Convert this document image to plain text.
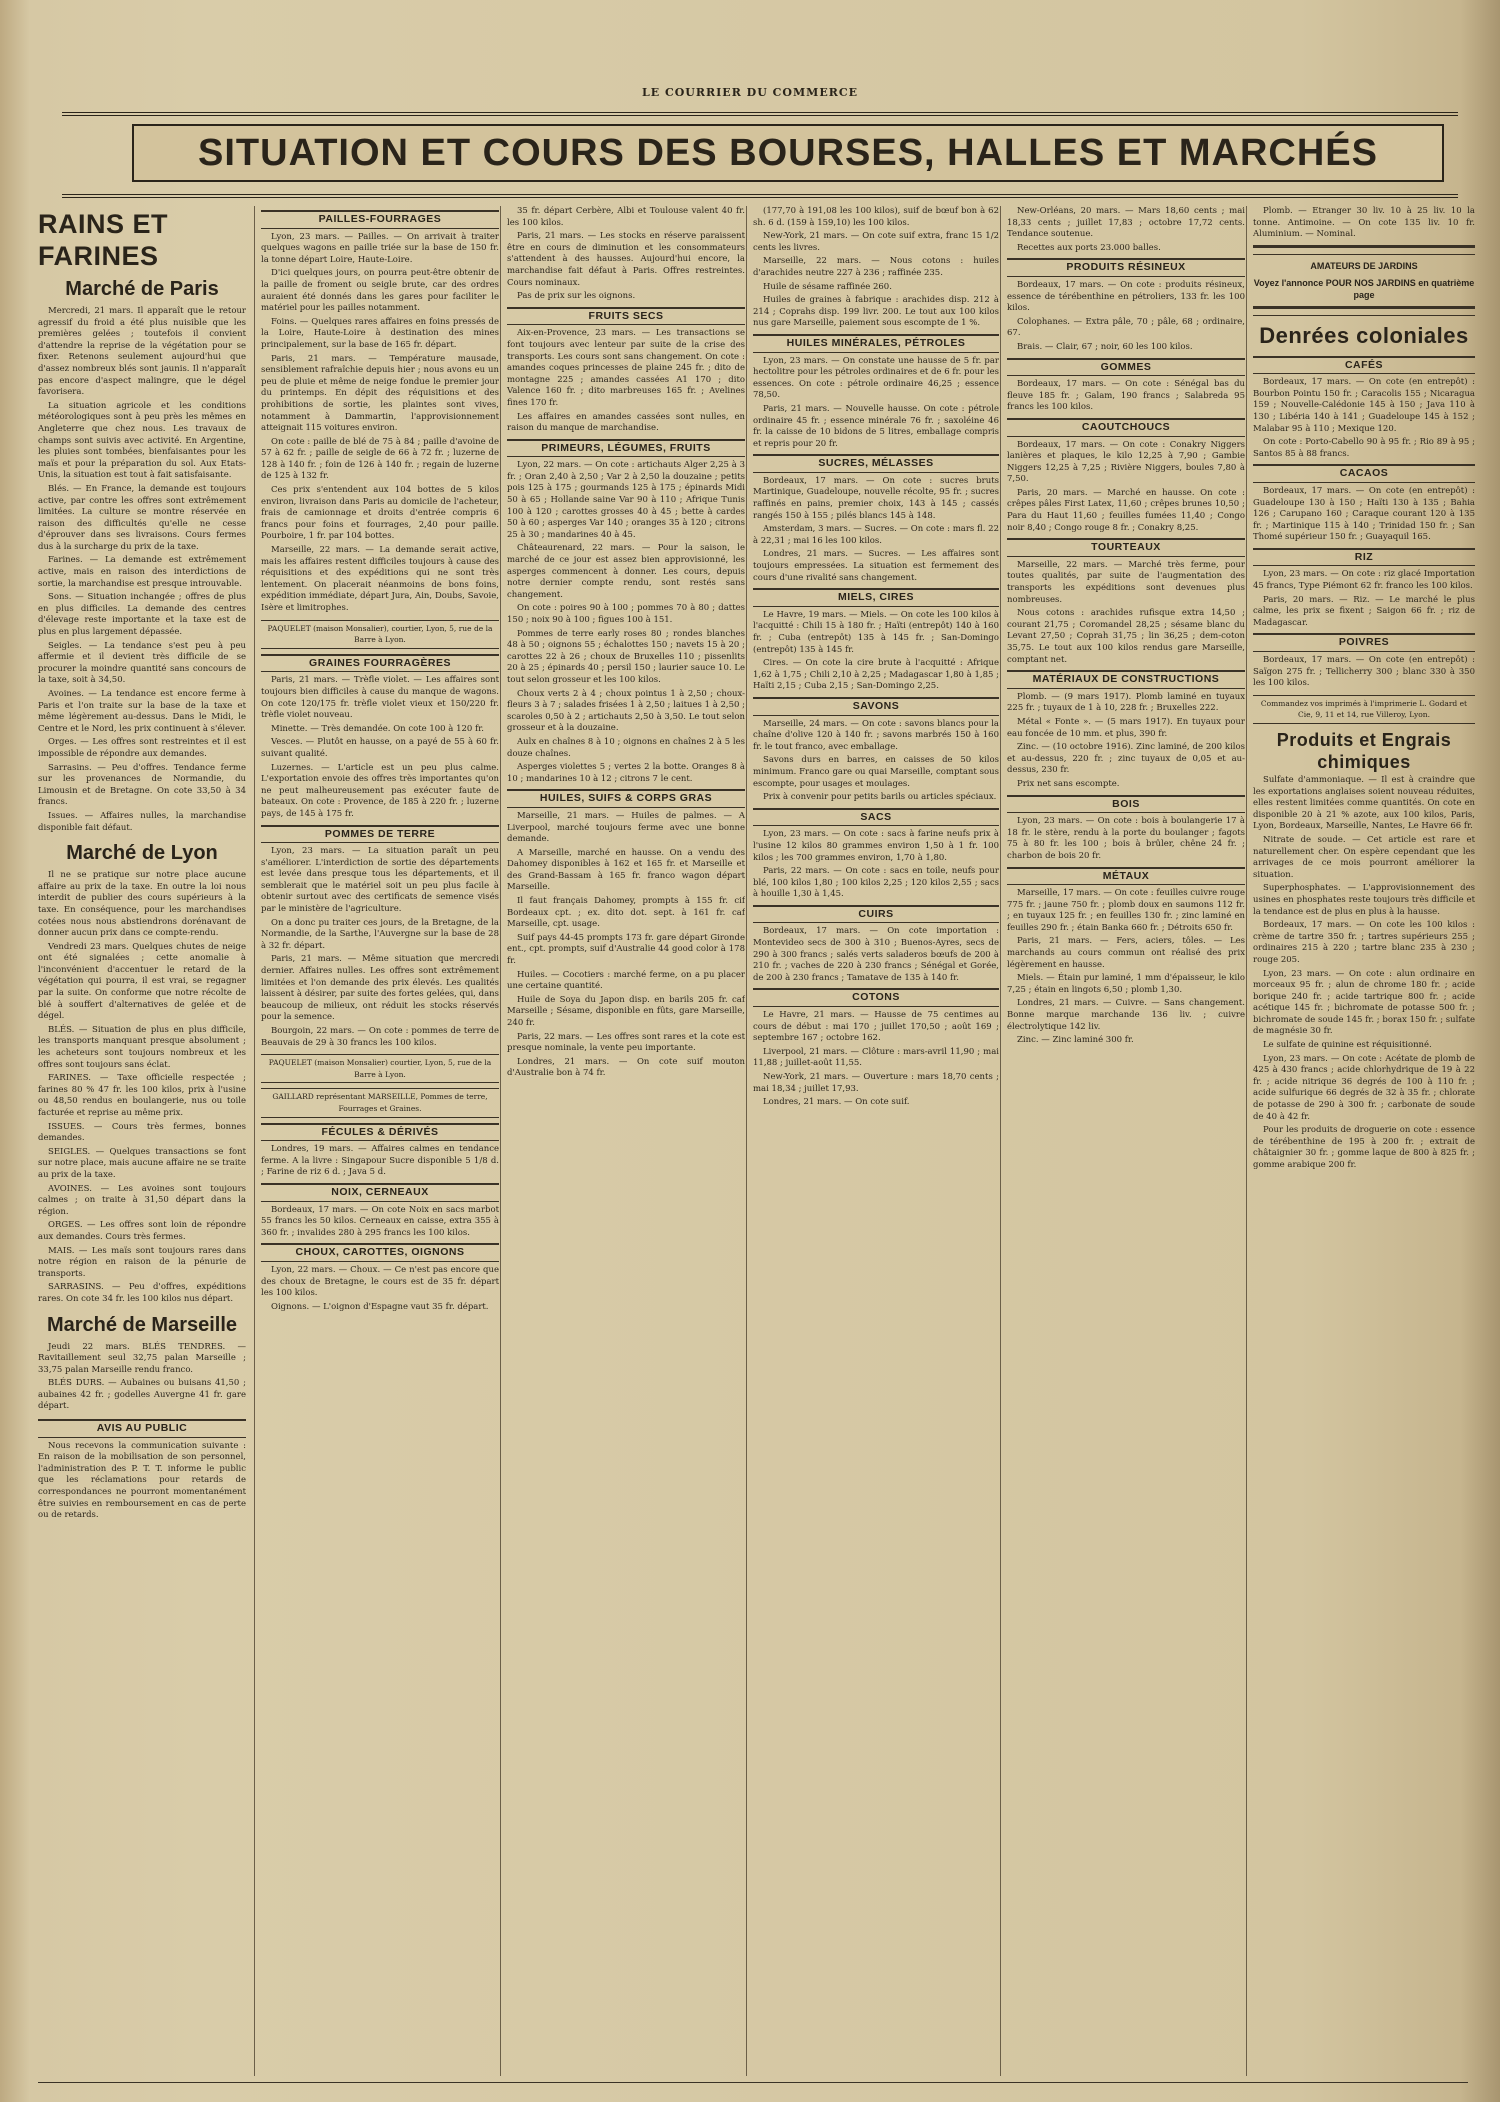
LE COURRIER DU COMMERCE
SITUATION ET COURS DES BOURSES, HALLES ET MARCHÉS
RAINS ET FARINES
Marché de Paris

Mercredi, 21 mars. Il apparaît que le retour agressif du froid a été plus nuisible que les premières gelées ; toutefois il convient d'attendre la reprise de la végétation pour se fixer. Retenons seulement aujourd'hui que d'assez nombreux blés sont jaunis. Il n'apparaît pas encore d'aspect malingre, que le dégel favorisera.

La situation agricole et les conditions météorologiques sont à peu près les mêmes en Angleterre que chez nous. Les travaux de champs sont suivis avec activité. En Argentine, les pluies sont tombées, bienfaisantes pour les maïs et pour la préparation du sol. Aux Etats-Unis, la situation est tout à fait satisfaisante.

Blés. — En France, la demande est toujours active, par contre les offres sont extrêmement limitées. La culture se montre réservée en raison des difficultés qu'elle ne cesse d'éprouver dans ses livraisons. Cours fermes dus à la surcharge du prix de la taxe.

Farines. — La demande est extrêmement active, mais en raison des interdictions de sortie, la marchandise est presque introuvable.

Sons. — Situation inchangée ; offres de plus en plus difficiles. La demande des centres d'élevage reste importante et la taxe est de plus en plus largement dépassée.

Seigles. — La tendance s'est peu à peu affermie et il devient très difficile de se procurer la moindre quantité sans concours de la taxe, soit à 34,50.

Avoines. — La tendance est encore ferme à Paris et l'on traite sur la base de la taxe et même légèrement au-dessus. Dans le Midi, le Centre et le Nord, les prix continuent à s'élever.

Orges. — Les offres sont restreintes et il est impossible de répondre aux demandes.

Sarrasins. — Peu d'offres. Tendance ferme sur les provenances de Normandie, du Limousin et de Bretagne. On cote 33,50 à 34 francs.

Issues. — Affaires nulles, la marchandise disponible fait défaut.

Marché de Lyon

Il ne se pratique sur notre place aucune affaire au prix de la taxe. En outre la loi nous interdit de publier des cours supérieurs à la taxe. En conséquence, pour les marchandises cotées nous nous abstiendrons dorénavant de donner aucun prix dans ce compte-rendu.

Vendredi 23 mars. Quelques chutes de neige ont été signalées ; cette anomalie à l'inconvénient d'accentuer le retard de la végétation qui pourra, il est vrai, se regagner par la suite. On conforme que notre récolte de blé à souffert d'alternatives de gelée et de dégel.

BLÉS. — Situation de plus en plus difficile, les transports manquant presque absolument ; les acheteurs sont toujours nombreux et les offres sont toujours sans éclat.

FARINES. — Taxe officielle respectée ; farines 80 % 47 fr. les 100 kilos, prix à l'usine ou 48,50 rendus en boulangerie, nus ou toile facturée et reprise au même prix.

ISSUES. — Cours très fermes, bonnes demandes.

SEIGLES. — Quelques transactions se font sur notre place, mais aucune affaire ne se traite au prix de la taxe.

AVOINES. — Les avoines sont toujours calmes ; on traite à 31,50 départ dans la région.

ORGES. — Les offres sont loin de répondre aux demandes. Cours très fermes.

MAIS. — Les maïs sont toujours rares dans notre région en raison de la pénurie de transports.

SARRASINS. — Peu d'offres, expéditions rares. On cote 34 fr. les 100 kilos nus départ.

Marché de Marseille

Jeudi 22 mars. BLÉS TENDRES. — Ravitaillement seul 32,75 palan Marseille ; 33,75 palan Marseille rendu franco.

BLÉS DURS. — Aubaines ou buisans 41,50 ; aubaines 42 fr. ; godelles Auvergne 41 fr. gare départ.

AVIS AU PUBLIC

Nous recevons la communication suivante : En raison de la mobilisation de son personnel, l'administration des P. T. T. informe le public que les réclamations pour retards de correspondances ne pourront momentanément être suivies en remboursement en cas de perte ou de retards.

PAILLES-FOURRAGES

Lyon, 23 mars. — Pailles. — On arrivait à traiter quelques wagons en paille triée sur la base de 150 fr. la tonne départ Loire, Haute-Loire.

D'ici quelques jours, on pourra peut-être obtenir de la paille de froment ou seigle brute, car des ordres auraient été donnés dans les gares pour faciliter le matériel pour les pailles notamment.

Foins. — Quelques rares affaires en foins pressés de la Loire, Haute-Loire à destination des mines principalement, sur la base de 165 fr. départ.

Paris, 21 mars. — Température mausade, sensiblement rafraîchie depuis hier ; nous avons eu un peu de pluie et même de neige fondue le premier jour du printemps. En dépit des réquisitions et des prohibitions de sortie, les plaintes sont vives, notamment à Dammartin, l'approvisionnement atteignait 115 voitures environ.

On cote : paille de blé de 75 à 84 ; paille d'avoine de 57 à 62 fr. ; paille de seigle de 66 à 72 fr. ; luzerne de 128 à 140 fr. ; foin de 126 à 140 fr. ; regain de luzerne de 125 à 132 fr.

Ces prix s'entendent aux 104 bottes de 5 kilos environ, livraison dans Paris au domicile de l'acheteur, frais de camionnage et droits d'entrée compris 6 francs pour foins et fourrages, 2,40 pour paille. Pourboire, 1 fr. par 104 bottes.

Marseille, 22 mars. — La demande serait active, mais les affaires restent difficiles toujours à cause des réquisitions et des expéditions qui ne sont très lentement. On placerait néanmoins de bons foins, expédition immédiate, départ Jura, Ain, Doubs, Savoie, Isère et limitrophes.

PAQUELET (maison Monsalier), courtier, Lyon, 5, rue de la Barre à Lyon.
GRAINES FOURRAGÈRES

Paris, 21 mars. — Trèfle violet. — Les affaires sont toujours bien difficiles à cause du manque de wagons. On cote 120/175 fr. trèfle violet vieux et 150/220 fr. trèfle violet nouveau.

Minette. — Très demandée. On cote 100 à 120 fr.

Vesces. — Plutôt en hausse, on a payé de 55 à 60 fr. suivant qualité.

Luzernes. — L'article est un peu plus calme. L'exportation envoie des offres très importantes qu'on ne peut malheureusement pas exécuter faute de bateaux. On cote : Provence, de 185 à 220 fr. ; luzerne pays, de 145 à 175 fr.

POMMES DE TERRE

Lyon, 23 mars. — La situation paraît un peu s'améliorer. L'interdiction de sortie des départements est levée dans presque tous les départements, et il semblerait que le matériel soit un peu plus facile à obtenir surtout avec des certificats de semence visés par le ministère de l'agriculture.

On a donc pu traiter ces jours, de la Bretagne, de la Normandie, de la Sarthe, l'Auvergne sur la base de 28 à 32 fr. départ.

Paris, 21 mars. — Même situation que mercredi dernier. Affaires nulles. Les offres sont extrêmement limitées et l'on demande des prix élevés. Les qualités laissent à désirer, par suite des fortes gelées, qui, dans beaucoup de milieux, ont réduit les stocks réservés pour la semence.

Bourgoin, 22 mars. — On cote : pommes de terre de Beauvais de 29 à 30 francs les 100 kilos.

PAQUELET (maison Monsalier) courtier, Lyon, 5, rue de la Barre à Lyon.
GAILLARD représentant MARSEILLE, Pommes de terre, Fourrages et Graines.
FÉCULES & DÉRIVÉS

Londres, 19 mars. — Affaires calmes en tendance ferme. A la livre : Singapour Sucre disponible 5 1/8 d. ; Farine de riz 6 d. ; Java 5 d.

NOIX, CERNEAUX

Bordeaux, 17 mars. — On cote Noix en sacs marbot 55 francs les 50 kilos. Cerneaux en caisse, extra 355 à 360 fr. ; invalides 280 à 295 francs les 100 kilos.

CHOUX, CAROTTES, OIGNONS

Lyon, 22 mars. — Choux. — Ce n'est pas encore que des choux de Bretagne, le cours est de 35 fr. départ les 100 kilos.

Oignons. — L'oignon d'Espagne vaut 35 fr. départ.

35 fr. départ Cerbère, Albi et Toulouse valent 40 fr. les 100 kilos.

Paris, 21 mars. — Les stocks en réserve paraissent être en cours de diminution et les consommateurs s'attendent à des hausses. Aujourd'hui encore, la marchandise fait défaut à Paris. Offres restreintes. Cours nominaux.

Pas de prix sur les oignons.

FRUITS SECS

Aix-en-Provence, 23 mars. — Les transactions se font toujours avec lenteur par suite de la crise des transports. Les cours sont sans changement. On cote : amandes coques princesses de plaine 245 fr. ; dito de montagne 225 ; amandes cassées A1 170 ; dito Valence 160 fr. ; dito marbreuses 165 fr. ; Avelines fines 170 fr.

Les affaires en amandes cassées sont nulles, en raison du manque de marchandise.

PRIMEURS, LÉGUMES, FRUITS

Lyon, 22 mars. — On cote : artichauts Alger 2,25 à 3 fr. ; Oran 2,40 à 2,50 ; Var 2 à 2,50 la douzaine ; petits pois 125 à 175 ; gourmands 125 à 175 ; épinards Midi 50 à 65 ; Hollande saine Var 90 à 110 ; Afrique Tunis 100 à 120 ; carottes grosses 40 à 45 ; bette à cardes 50 à 60 ; asperges Var 140 ; oranges 35 à 120 ; citrons 25 à 30 ; mandarines 40 à 45.

Châteaurenard, 22 mars. — Pour la saison, le marché de ce jour est assez bien approvisionné, les asperges commencent à donner. Les cours, depuis notre dernier compte rendu, sont restés sans changement.

On cote : poires 90 à 100 ; pommes 70 à 80 ; dattes 150 ; noix 90 à 100 ; figues 100 à 151.

Pommes de terre early roses 80 ; rondes blanches 48 à 50 ; oignons 55 ; échalottes 150 ; navets 15 à 20 ; carottes 22 à 26 ; choux de Bruxelles 110 ; pissenlits 20 à 25 ; épinards 40 ; persil 150 ; laurier sauce 10. Le tout selon grosseur et les 100 kilos.

Choux verts 2 à 4 ; choux pointus 1 à 2,50 ; choux-fleurs 3 à 7 ; salades frisées 1 à 2,50 ; laitues 1 à 2,50 ; scaroles 0,50 à 2 ; artichauts 2,50 à 3,50. Le tout selon grosseur et à la douzaine.

Aulx en chaînes 8 à 10 ; oignons en chaînes 2 à 5 les douze chaînes.

Asperges violettes 5 ; vertes 2 la botte. Oranges 8 à 10 ; mandarines 10 à 12 ; citrons 7 le cent.

HUILES, SUIFS & CORPS GRAS

Marseille, 21 mars. — Huiles de palmes. — A Liverpool, marché toujours ferme avec une bonne demande.

A Marseille, marché en hausse. On a vendu des Dahomey disponibles à 162 et 165 fr. et Marseille et des Grand-Bassam à 165 fr. franco wagon départ Marseille.

Il faut français Dahomey, prompts à 155 fr. cif Bordeaux cpt. ; ex. dito dot. sept. à 161 fr. caf Marseille, cpt. usage.

Suif pays 44-45 prompts 173 fr. gare départ Gironde ent., cpt. prompts, suif d'Australie 44 good color à 178 fr.

Huiles. — Cocotiers : marché ferme, on a pu placer une certaine quantité.

Huile de Soya du Japon disp. en barils 205 fr. caf Marseille ; Sésame, disponible en fûts, gare Marseille, 240 fr.

Paris, 22 mars. — Les offres sont rares et la cote est presque nominale, la vente peu importante.

Londres, 21 mars. — On cote suif mouton d'Australie bon à 74 fr.

(177,70 à 191,08 les 100 kilos), suif de bœuf bon à 62 sh. 6 d. (159 à 159,10) les 100 kilos.

New-York, 21 mars. — On cote suif extra, franc 15 1/2 cents les livres.

Marseille, 22 mars. — Nous cotons : huiles d'arachides neutre 227 à 236 ; raffinée 235.

Huile de sésame raffinée 260.

Huiles de graines à fabrique : arachides disp. 212 à 214 ; Coprahs disp. 199 livr. 200. Le tout aux 100 kilos nus gare Marseille, paiement sous escompte de 1 %.

HUILES MINÉRALES, PÉTROLES

Lyon, 23 mars. — On constate une hausse de 5 fr. par hectolitre pour les pétroles ordinaires et de 6 fr. pour les essences. On cote : pétrole ordinaire 46,25 ; essence 78,50.

Paris, 21 mars. — Nouvelle hausse. On cote : pétrole ordinaire 45 fr. ; essence minérale 76 fr. ; saxoléine 46 fr. la caisse de 10 bidons de 5 litres, emballage compris et repris pour 20 fr.

SUCRES, MÉLASSES

Bordeaux, 17 mars. — On cote : sucres bruts Martinique, Guadeloupe, nouvelle récolte, 95 fr. ; sucres raffinés en pains, premier choix, 143 à 145 ; cassés rangés 150 à 155 ; pilés blancs 145 à 148.

Amsterdam, 3 mars. — Sucres. — On cote : mars fl. 22 à 22,31 ; mai 16 les 100 kilos.

Londres, 21 mars. — Sucres. — Les affaires sont toujours empressées. La situation est fermement des cours d'une rivalité sans changement.

MIELS, CIRES

Le Havre, 19 mars. — Miels. — On cote les 100 kilos à l'acquitté : Chili 15 à 180 fr. ; Haïti (entrepôt) 140 à 160 fr. ; Cuba (entrepôt) 135 à 145 fr. ; San-Domingo (entrepôt) 135 à 145 fr.

Cires. — On cote la cire brute à l'acquitté : Afrique 1,62 à 1,75 ; Chili 2,10 à 2,25 ; Madagascar 1,80 à 1,85 ; Haïti 2,15 ; Cuba 2,15 ; San-Domingo 2,25.

SAVONS

Marseille, 24 mars. — On cote : savons blancs pour la chaîne d'olive 120 à 140 fr. ; savons marbrés 150 à 160 fr. le tout franco, avec emballage.

Savons durs en barres, en caisses de 50 kilos minimum. Franco gare ou quai Marseille, comptant sous escompte, pour usages et moulages.

Prix à convenir pour petits barils ou articles spéciaux.

SACS

Lyon, 23 mars. — On cote : sacs à farine neufs prix à l'usine 12 kilos 80 grammes environ 1,50 à 1 fr. 100 kilos ; les 700 grammes environ, 1,70 à 1,80.

Paris, 22 mars. — On cote : sacs en toile, neufs pour blé, 100 kilos 1,80 ; 100 kilos 2,25 ; 120 kilos 2,55 ; sacs à houille 1,30 à 1,45.

CUIRS

Bordeaux, 17 mars. — On cote importation : Montevideo secs de 300 à 310 ; Buenos-Ayres, secs de 290 à 300 francs ; salés verts saladeros bœufs de 200 à 210 fr. ; vaches de 220 à 230 francs ; Sénégal et Gorée, de 200 à 230 francs ; Tamatave de 135 à 140 fr.

COTONS

Le Havre, 21 mars. — Hausse de 75 centimes au cours de début : mai 170 ; juillet 170,50 ; août 169 ; septembre 167 ; octobre 162.

Liverpool, 21 mars. — Clôture : mars-avril 11,90 ; mai 11,88 ; juillet-août 11,55.

New-York, 21 mars. — Ouverture : mars 18,70 cents ; mai 18,34 ; juillet 17,93.

Londres, 21 mars. — On cote suif.

New-Orléans, 20 mars. — Mars 18,60 cents ; mai 18,33 cents ; juillet 17,83 ; octobre 17,72 cents. Tendance soutenue.

Recettes aux ports 23.000 balles.

PRODUITS RÉSINEUX

Bordeaux, 17 mars. — On cote : produits résineux, essence de térébenthine en pétroliers, 133 fr. les 100 kilos.

Colophanes. — Extra pâle, 70 ; pâle, 68 ; ordinaire, 67.

Brais. — Clair, 67 ; noir, 60 les 100 kilos.

GOMMES

Bordeaux, 17 mars. — On cote : Sénégal bas du fleuve 185 fr. ; Galam, 190 francs ; Salabreda 95 francs les 100 kilos.

CAOUTCHOUCS

Bordeaux, 17 mars. — On cote : Conakry Niggers lanières et plaques, le kilo 12,25 à 7,90 ; Gambie Niggers 12,25 à 7,25 ; Rivière Niggers, boules 7,80 à 7,50.

Paris, 20 mars. — Marché en hausse. On cote : crêpes pâles First Latex, 11,60 ; crêpes brunes 10,50 ; Para du Haut 11,60 ; feuilles fumées 11,40 ; Congo noir 8,40 ; Congo rouge 8 fr. ; Conakry 8,25.

TOURTEAUX

Marseille, 22 mars. — Marché très ferme, pour toutes qualités, par suite de l'augmentation des transports les expéditions sont devenues plus nombreuses.

Nous cotons : arachides rufisque extra 14,50 ; courant 21,75 ; Coromandel 28,25 ; sésame blanc du Levant 27,50 ; Coprah 31,75 ; lin 36,25 ; dem-coton 35,75. Le tout aux 100 kilos rendus gare Marseille, comptant net.

MATÉRIAUX DE CONSTRUCTIONS

Plomb. — (9 mars 1917). Plomb laminé en tuyaux 225 fr. ; tuyaux de 1 à 10, 228 fr. ; Bruxelles 222.

Métal « Fonte ». — (5 mars 1917). En tuyaux pour eau foncée de 10 mm. et plus, 390 fr.

Zinc. — (10 octobre 1916). Zinc laminé, de 200 kilos et au-dessus, 220 fr. ; zinc tuyaux de 0,05 et au-dessus, 230 fr.

Prix net sans escompte.

BOIS

Lyon, 23 mars. — On cote : bois à boulangerie 17 à 18 fr. le stère, rendu à la porte du boulanger ; fagots 75 à 80 fr. les 100 ; bois à brûler, chêne 24 fr. ; charbon de bois 20 fr.

MÉTAUX

Marseille, 17 mars. — On cote : feuilles cuivre rouge 775 fr. ; jaune 750 fr. ; plomb doux en saumons 112 fr. ; en tuyaux 125 fr. ; en feuilles 130 fr. ; zinc laminé en feuilles 290 fr. ; étain Banka 660 fr. ; Détroits 650 fr.

Paris, 21 mars. — Fers, aciers, tôles. — Les marchands au cours commun ont réalisé des prix légèrement en hausse.

Miels. — Étain pur laminé, 1 mm d'épaisseur, le kilo 7,25 ; étain en lingots 6,50 ; plomb 1,30.

Londres, 21 mars. — Cuivre. — Sans changement. Bonne marque marchande 136 liv. ; cuivre électrolytique 142 liv.

Zinc. — Zinc laminé 300 fr.

Plomb. — Etranger 30 liv. 10 à 25 liv. 10 la tonne. Antimoine. — On cote 135 liv. 10 fr. Aluminium. — Nominal.

AMATEURS DE JARDINS
Voyez l'annonce POUR NOS JARDINS en quatrième page
Denrées coloniales
CAFÉS

Bordeaux, 17 mars. — On cote (en entrepôt) : Bourbon Pointu 150 fr. ; Caracolis 155 ; Nicaragua 159 ; Nouvelle-Calédonie 145 à 150 ; Java 110 à 130 ; Libéria 140 à 141 ; Guadeloupe 145 à 152 ; Malabar 95 à 110 ; Mexique 120.

On cote : Porto-Cabello 90 à 95 fr. ; Rio 89 à 95 ; Santos 85 à 88 francs.

CACAOS

Bordeaux, 17 mars. — On cote (en entrepôt) : Guadeloupe 130 à 150 ; Haïti 130 à 135 ; Bahia 126 ; Carupano 160 ; Caraque courant 120 à 135 fr. ; Martinique 115 à 140 ; Trinidad 150 fr. ; San Thomé supérieur 150 fr. ; Guayaquil 165.

RIZ

Lyon, 23 mars. — On cote : riz glacé Importation 45 francs, Type Piémont 62 fr. franco les 100 kilos.

Paris, 20 mars. — Riz. — Le marché le plus calme, les prix se fixent ; Saigon 66 fr. ; riz de Madagascar.

POIVRES

Bordeaux, 17 mars. — On cote (en entrepôt) : Saïgon 275 fr. ; Tellicherry 300 ; blanc 330 à 350 les 100 kilos.

Commandez vos imprimés à l'imprimerie L. Godard et Cie, 9, 11 et 14, rue Villeroy, Lyon.
Produits et Engrais chimiques

Sulfate d'ammoniaque. — Il est à craindre que les exportations anglaises soient nouveau réduites, elles restent limitées comme quantités. On cote en disponible 20 à 21 % azote, aux 100 kilos, Paris, Lyon, Bordeaux, Marseille, Nantes, Le Havre 66 fr.

Nitrate de soude. — Cet article est rare et naturellement cher. On espère cependant que les arrivages de ce mois pourront améliorer la situation.

Superphosphates. — L'approvisionnement des usines en phosphates reste toujours très difficile et la tendance est de plus en plus à la hausse.

Bordeaux, 17 mars. — On cote les 100 kilos : crème de tartre 350 fr. ; tartres supérieurs 255 ; ordinaires 215 à 220 ; tartre blanc 235 à 230 ; rouge 205.

Lyon, 23 mars. — On cote : alun ordinaire en morceaux 95 fr. ; alun de chrome 180 fr. ; acide borique 240 fr. ; acide tartrique 800 fr. ; acide acétique 145 fr. ; bichromate de potasse 500 fr. ; bichromate de soude 145 fr. ; borax 150 fr. ; sulfate de magnésie 30 fr.

Le sulfate de quinine est réquisitionné.

Lyon, 23 mars. — On cote : Acétate de plomb de 425 à 430 francs ; acide chlorhydrique de 19 à 22 fr. ; acide nitrique 36 degrés de 100 à 110 fr. ; acide sulfurique 66 degrés de 32 à 35 fr. ; chlorate de potasse de 290 à 300 fr. ; carbonate de soude de 40 à 42 fr.

Pour les produits de droguerie on cote : essence de térébenthine de 195 à 200 fr. ; extrait de châtaignier 30 fr. ; gomme laque de 800 à 825 fr. ; gomme arabique 200 fr.
